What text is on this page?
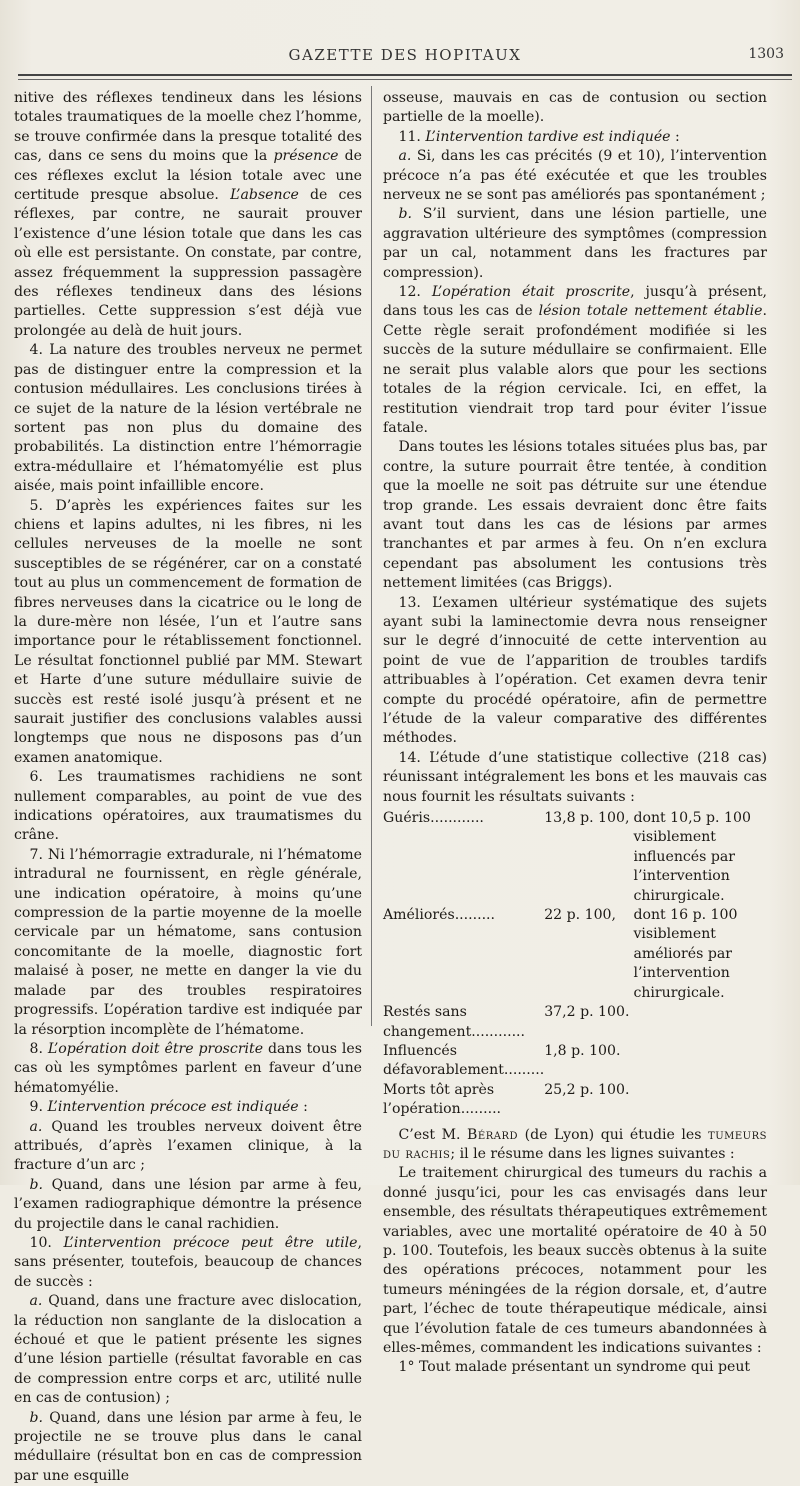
GAZETTE DES HOPITAUX	1303

nitive des réflexes tendineux dans les lésions totales traumatiques de la moelle chez l’homme, se trouve confirmée dans la presque totalité des cas, dans ce sens du moins que la présence de ces réflexes exclut la lésion totale avec une certitude presque absolue. L’absence de ces réflexes, par contre, ne saurait prouver l’existence d’une lésion totale que dans les cas où elle est persistante. On constate, par contre, assez fréquemment la suppression passagère des réflexes tendineux dans des lésions partielles. Cette suppression s’est déjà vue prolongée au delà de huit jours.

4. La nature des troubles nerveux ne permet pas de distinguer entre la compression et la contusion médullaires. Les conclusions tirées à ce sujet de la nature de la lésion vertébrale ne sortent pas non plus du domaine des probabilités. La distinction entre l’hémorragie extra-médullaire et l’hématomyélie est plus aisée, mais point infaillible encore.

5. D’après les expériences faites sur les chiens et lapins adultes, ni les fibres, ni les cellules nerveuses de la moelle ne sont susceptibles de se régénérer, car on a constaté tout au plus un commencement de formation de fibres nerveuses dans la cicatrice ou le long de la dure-mère non lésée, l’un et l’autre sans importance pour le rétablissement fonctionnel. Le résultat fonctionnel publié par MM. Stewart et Harte d’une suture médullaire suivie de succès est resté isolé jusqu’à présent et ne saurait justifier des conclusions valables aussi longtemps que nous ne disposons pas d’un examen anatomique.

6. Les traumatismes rachidiens ne sont nullement comparables, au point de vue des indications opératoires, aux traumatismes du crâne.

7. Ni l’hémorragie extradurale, ni l’hématome intradural ne fournissent, en règle générale, une indication opératoire, à moins qu’une compression de la partie moyenne de la moelle cervicale par un hématome, sans contusion concomitante de la moelle, diagnostic fort malaisé à poser, ne mette en danger la vie du malade par des troubles respiratoires progressifs. L’opération tardive est indiquée par la résorption incomplète de l’hématome.

8. L’opération doit être proscrite dans tous les cas où les symptômes parlent en faveur d’une hématomyélie.

9. L’intervention précoce est indiquée :

a. Quand les troubles nerveux doivent être attribués, d’après l’examen clinique, à la fracture d’un arc ;

b. Quand, dans une lésion par arme à feu, l’examen radiographique démontre la présence du projectile dans le canal rachidien.

10. L’intervention précoce peut être utile, sans présenter, toutefois, beaucoup de chances de succès :

a. Quand, dans une fracture avec dislocation, la réduction non sanglante de la dislocation a échoué et que le patient présente les signes d’une lésion partielle (résultat favorable en cas de compression entre corps et arc, utilité nulle en cas de contusion) ;

b. Quand, dans une lésion par arme à feu, le projectile ne se trouve plus dans le canal médullaire (résultat bon en cas de compression par une esquille

osseuse, mauvais en cas de contusion ou section partielle de la moelle).

11. L’intervention tardive est indiquée :

a. Si, dans les cas précités (9 et 10), l’intervention précoce n’a pas été exécutée et que les troubles nerveux ne se sont pas améliorés pas spontanément ;

b. S’il survient, dans une lésion partielle, une aggravation ultérieure des symptômes (compression par un cal, notamment dans les fractures par compression).

12. L’opération était proscrite, jusqu’à présent, dans tous les cas de lésion totale nettement établie. Cette règle serait profondément modifiée si les succès de la suture médullaire se confirmaient. Elle ne serait plus valable alors que pour les sections totales de la région cervicale. Ici, en effet, la restitution viendrait trop tard pour éviter l’issue fatale.

Dans toutes les lésions totales situées plus bas, par contre, la suture pourrait être tentée, à condition que la moelle ne soit pas détruite sur une étendue trop grande. Les essais devraient donc être faits avant tout dans les cas de lésions par armes tranchantes et par armes à feu. On n’en exclura cependant pas absolument les contusions très nettement limitées (cas Briggs).

13. L’examen ultérieur systématique des sujets ayant subi la laminectomie devra nous renseigner sur le degré d’innocuité de cette intervention au point de vue de l’apparition de troubles tardifs attribuables à l’opération. Cet examen devra tenir compte du procédé opératoire, afin de permettre l’étude de la valeur comparative des différentes méthodes.

14. L’étude d’une statistique collective (218 cas) réunissant intégralement les bons et les mauvais cas nous fournit les résultats suivants :

Guéris............	13,8 p. 100,	dont 10,5 p. 100 visiblement influencés par l’intervention chirurgicale.
Améliorés.........	22 p. 100,	dont 16 p. 100 visiblement améliorés par l’intervention chirurgicale.
Restés sans changement............	37,2 p. 100.	
Influencés défavorablement.........	1,8 p. 100.	
Morts tôt après l’opération.........	25,2 p. 100.	

C’est M. Bérard (de Lyon) qui étudie les tumeurs du rachis; il le résume dans les lignes suivantes :

Le traitement chirurgical des tumeurs du rachis a donné jusqu’ici, pour les cas envisagés dans leur ensemble, des résultats thérapeutiques extrêmement variables, avec une mortalité opératoire de 40 à 50 p. 100. Toutefois, les beaux succès obtenus à la suite des opérations précoces, notamment pour les tumeurs méningées de la région dorsale, et, d’autre part, l’échec de toute thérapeutique médicale, ainsi que l’évolution fatale de ces tumeurs abandonnées à elles-mêmes, commandent les indications suivantes :

1° Tout malade présentant un syndrome qui peut
